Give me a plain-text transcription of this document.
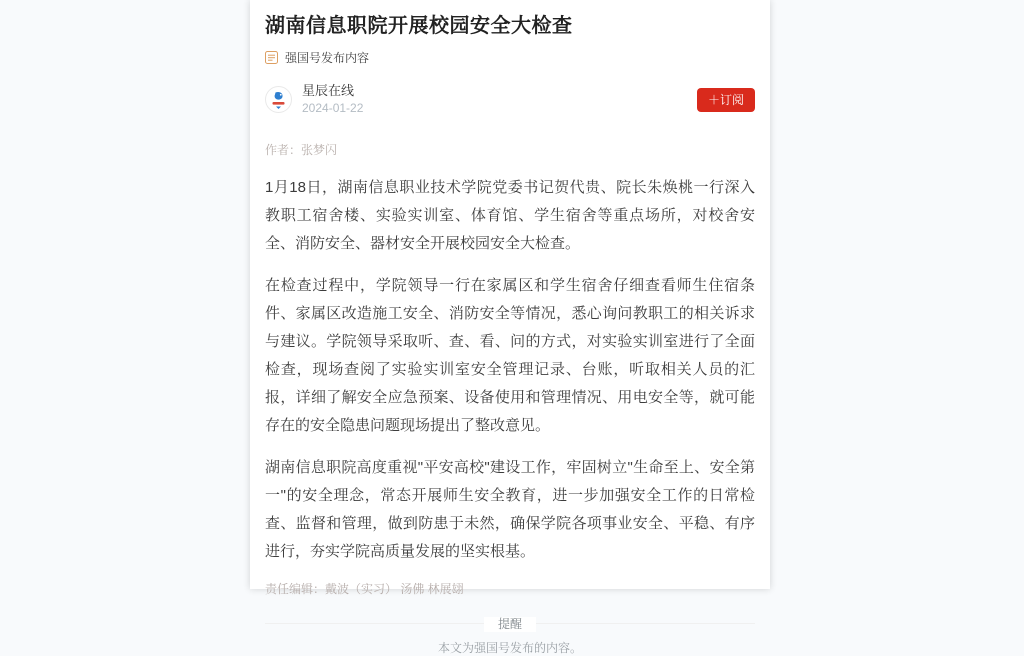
湖南信息职院开展校园安全大检查
强国号发布内容
星辰在线
2024-01-22
＋订阅
作者：张梦闪

1月18日，湖南信息职业技术学院党委书记贺代贵、院长朱焕桃一行深入教职工宿舍楼、实验实训室、体育馆、学生宿舍等重点场所，对校舍安全、消防安全、器材安全开展校园安全大检查。

在检查过程中，学院领导一行在家属区和学生宿舍仔细查看师生住宿条件、家属区改造施工安全、消防安全等情况，悉心询问教职工的相关诉求与建议。学院领导采取听、查、看、问的方式，对实验实训室进行了全面检查，现场查阅了实验实训室安全管理记录、台账，听取相关人员的汇报，详细了解安全应急预案、设备使用和管理情况、用电安全等，就可能存在的安全隐患问题现场提出了整改意见。

湖南信息职院高度重视"平安高校"建设工作，牢固树立"生命至上、安全第一"的安全理念，常态开展师生安全教育，进一步加强安全工作的日常检查、监督和管理，做到防患于未然，确保学院各项事业安全、平稳、有序进行，夯实学院高质量发展的坚实根基。

责任编辑：戴波（实习） 汤佛 林展翃
提醒
本文为强国号发布的内容。
